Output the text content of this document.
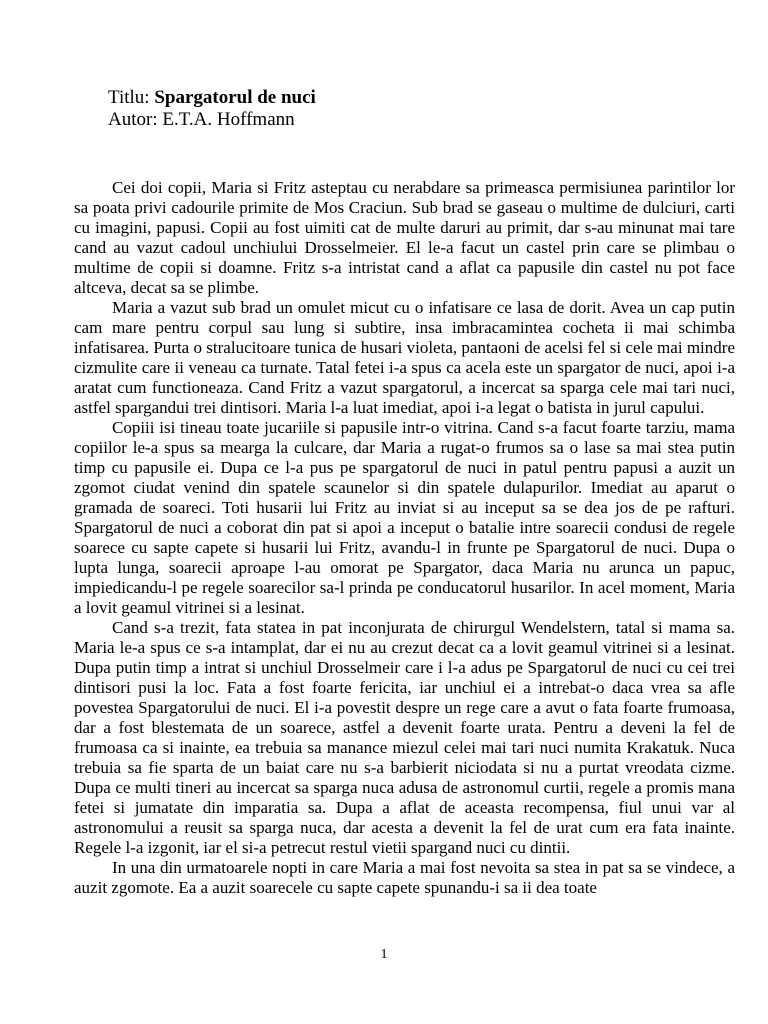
Titlu: Spargatorul de nuci
Autor: E.T.A. Hoffmann

Cei doi copii, Maria si Fritz asteptau cu nerabdare sa primeasca permisiunea parintilor lor sa poata privi cadourile primite de Mos Craciun. Sub brad se gaseau o multime de dulciuri, carti cu imagini, papusi. Copii au fost uimiti cat de multe daruri au primit, dar s-au minunat mai tare cand au vazut cadoul unchiului Drosselmeier. El le-a facut un castel prin care se plimbau o multime de copii si doamne. Fritz s-a intristat cand a aflat ca papusile din castel nu pot face altceva, decat sa se plimbe.

Maria a vazut sub brad un omulet micut cu o infatisare ce lasa de dorit. Avea un cap putin cam mare pentru corpul sau lung si subtire, insa imbracamintea cocheta ii mai schimba infatisarea. Purta o stralucitoare tunica de husari violeta, pantaoni de acelsi fel si cele mai mindre cizmulite care ii veneau ca turnate. Tatal fetei i-a spus ca acela este un spargator de nuci, apoi i-a aratat cum functioneaza. Cand Fritz a vazut spargatorul, a incercat sa sparga cele mai tari nuci, astfel spargandui trei dintisori. Maria l-a luat imediat, apoi i-a legat o batista in jurul capului.

Copiii isi tineau toate jucariile si papusile intr-o vitrina. Cand s-a facut foarte tarziu, mama copiilor le-a spus sa mearga la culcare, dar Maria a rugat-o frumos sa o lase sa mai stea putin timp cu papusile ei. Dupa ce l-a pus pe spargatorul de nuci in patul pentru papusi a auzit un zgomot ciudat venind din spatele scaunelor si din spatele dulapurilor. Imediat au aparut o gramada de soareci. Toti husarii lui Fritz au inviat si au inceput sa se dea jos de pe rafturi. Spargatorul de nuci a coborat din pat si apoi a inceput o batalie intre soarecii condusi de regele soarece cu sapte capete si husarii lui Fritz, avandu-l in frunte pe Spargatorul de nuci. Dupa o lupta lunga, soarecii aproape l-au omorat pe Spargator, daca Maria nu arunca un papuc, impiedicandu-l pe regele soarecilor sa-l prinda pe conducatorul husarilor. In acel moment, Maria a lovit geamul vitrinei si a lesinat.

Cand s-a trezit, fata statea in pat inconjurata de chirurgul Wendelstern, tatal si mama sa. Maria le-a spus ce s-a intamplat, dar ei nu au crezut decat ca a lovit geamul vitrinei si a lesinat. Dupa putin timp a intrat si unchiul Drosselmeir care i l-a adus pe Spargatorul de nuci cu cei trei dintisori pusi la loc. Fata a fost foarte fericita, iar unchiul ei a intrebat-o daca vrea sa afle povestea Spargatorului de nuci. El i-a povestit despre un rege care a avut o fata foarte frumoasa, dar a fost blestemata de un soarece, astfel a devenit foarte urata. Pentru a deveni la fel de frumoasa ca si inainte, ea trebuia sa manance miezul celei mai tari nuci numita Krakatuk. Nuca trebuia sa fie sparta de un baiat care nu s-a barbierit niciodata si nu a purtat vreodata cizme. Dupa ce multi tineri au incercat sa sparga nuca adusa de astronomul curtii, regele a promis mana fetei si jumatate din imparatia sa. Dupa a aflat de aceasta recompensa, fiul unui var al astronomului a reusit sa sparga nuca, dar acesta a devenit la fel de urat cum era fata inainte. Regele l-a izgonit, iar el si-a petrecut restul vietii spargand nuci cu dintii.

In una din urmatoarele nopti in care Maria a mai fost nevoita sa stea in pat sa se vindece, a auzit zgomote. Ea a auzit soarecele cu sapte capete spunandu-i sa ii dea toate

1
